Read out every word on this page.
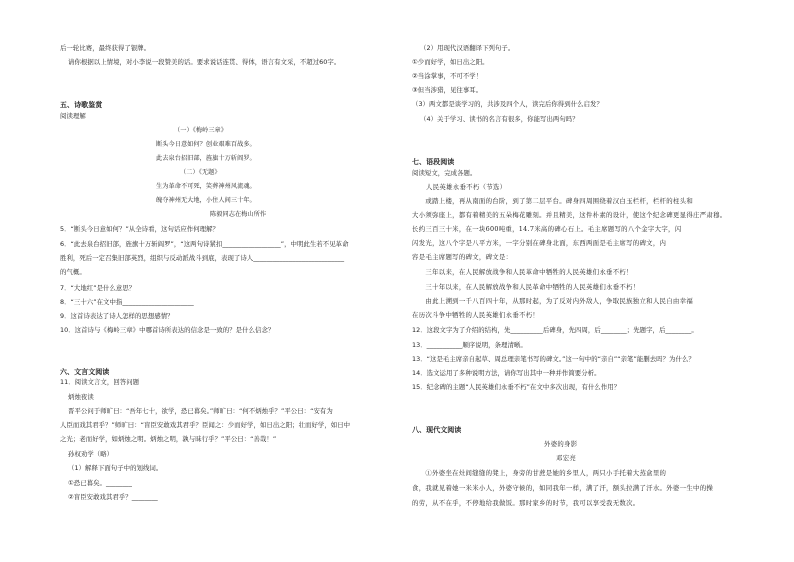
后一轮比赛，最终获得了银牌。
请你根据以上情境，对小李说一段赞美的话。要求说话连贯、得体，语言有文采，不超过60字。
五、诗歌鉴赏
阅读理解
（一）《梅岭三章》
断头今日意如何？创业艰难百战多。
此去泉台招旧部，旌旗十万斩阎罗。
（二）《无题》
生为革命不可死，笑葬神州风流魂。
魄夺神州无大地，小住人间三十年。
陈毅同志在梅山所作
5．“断头今日意如何？”从全诗看，这句话应作何理解？
6．“此去泉台招旧部，旌旗十万斩阎罗”，“这两句诗紧扣__________________”，中明此生若不见革命
胜利，死后一定召集旧部英烈，组织与反动派战斗到底，表现了诗人____________________________
的气概。
7．“大地红”是什么意思？
8．“三十六”在文中指______________________
9．这首诗表达了诗人怎样的思想感情？
10．这首诗与《梅岭三章》中哪首诗所表达的信念是一致的？是什么信念？
六、文言文阅读
11．阅读文言文，回答问题
炳烛夜读
晋平公问于师旷曰：“吾年七十，欲学，恐已暮矣。”师旷曰：“何不炳烛乎？”平公曰：“安有为
人臣而戏其君乎？”师旷曰：“盲臣安敢戏其君乎？臣闻之：少而好学，如日出之阳；壮而好学，如日中
之光；老而好学，如炳烛之明。炳烛之明，孰与昧行乎？”平公曰：“善哉！”
孙权劝学（略）
（1）解释下面句子中的划线词。
①恐已暮矣。________
②盲臣安敢戏其君乎？________
（2）用现代汉语翻译下列句子。
①少而好学，如日出之阳。
②当涂掌事，不可不学！
③但当涉猎，见往事耳。
（3）两文都是谈学习的，共涉及四个人，读完后你得到什么启发？
（4）关于学习、读书的名言有很多，你能写出两句吗？
七、语段阅读
阅读短文，完成各题。
人民英雄永垂不朽（节选）
　　或踏上楼，再从南面的台阶，到了第二层平台。碑身四周围绕着汉白玉栏杆，栏杆的柱头和
大小须弥座上，都有着精美的五朵梅花雕刻。并且精美，这件朴素的设计，使这个纪念碑更显得庄严肃穆。
长约三百三十米，在一块600吨重，14.7米高的碑心石上。毛主席题写的八个金字大字，闪
闪发光，这八个字是八平方米，一字分别在碑身北面，东西两面是毛主席写的碑文，内
容是毛主席题写的碑文，碑文是：
　　三年以来，在人民解放战争和人民革命中牺牲的人民英雄们永垂不朽！
　　三十年以来，在人民解放战争和人民革命中牺牲的人民英雄们永垂不朽！
　　由此上溯到一千八百四十年，从那时起，为了反对内外敌人，争取民族独立和人民自由幸福
在历次斗争中牺牲的人民英雄们永垂不朽！
12．这段文字为了介绍的结构，先__________后碑身，先四周，后________；先题字，后________。
13．___________顺序说明，条理清晰。
13．“这是毛主席亲自起草、周总理亲笔书写的碑文。”这一句中的“亲自”“亲笔”能删去吗？为什么？
14．选文运用了多种说明方法，请你写出其中一种并作简要分析。
15．纪念碑的主题“人民英雄们永垂不朽”在文中多次出现，有什么作用？
八、现代文阅读
外婆的身影
邓宏亮
　　①外婆坐在灶间缝缝的凳上，身旁的甘蔗是她的乡里人，两只小手托着大蒸盒里的
食，我就见着她一米米小人，外婆守候的，如同我年一样，满了汗，额头拉满了汗水。外婆一生中的操
的劳，从不在乎，不停地给我做饭。那时家乡的时节，我可以享受我无数次。
